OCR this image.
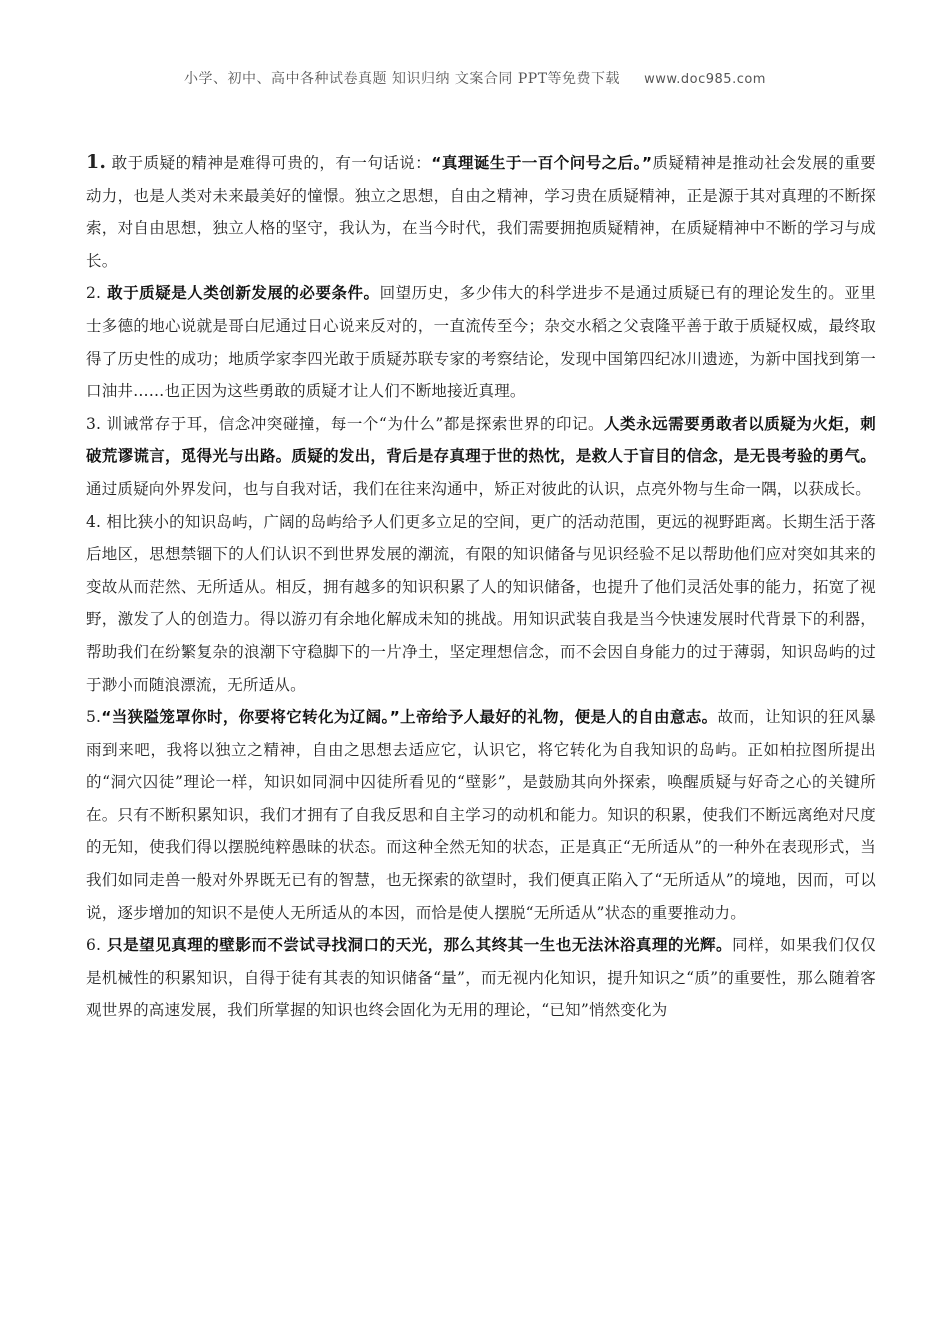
小学、初中、高中各种试卷真题 知识归纳 文案合同 PPT等免费下载 www.doc985.com

1. 敢于质疑的精神是难得可贵的，有一句话说：“真理诞生于一百个问号之后。”质疑精神是推动社会发展的重要动力，也是人类对未来最美好的憧憬。独立之思想，自由之精神，学习贵在质疑精神，正是源于其对真理的不断探索，对自由思想，独立人格的坚守，我认为，在当今时代，我们需要拥抱质疑精神，在质疑精神中不断的学习与成长。

2. 敢于质疑是人类创新发展的必要条件。回望历史，多少伟大的科学进步不是通过质疑已有的理论发生的。亚里士多德的地心说就是哥白尼通过日心说来反对的，一直流传至今；杂交水稻之父袁隆平善于敢于质疑权威，最终取得了历史性的成功；地质学家李四光敢于质疑苏联专家的考察结论，发现中国第四纪冰川遗迹，为新中国找到第一口油井……也正因为这些勇敢的质疑才让人们不断地接近真理。

3. 训诫常存于耳，信念冲突碰撞，每一个“为什么”都是探索世界的印记。人类永远需要勇敢者以质疑为火炬，刺破荒谬谎言，觅得光与出路。质疑的发出，背后是存真理于世的热忱，是救人于盲目的信念，是无畏考验的勇气。通过质疑向外界发问，也与自我对话，我们在往来沟通中，矫正对彼此的认识，点亮外物与生命一隅，以获成长。

4. 相比狭小的知识岛屿，广阔的岛屿给予人们更多立足的空间，更广的活动范围，更远的视野距离。长期生活于落后地区，思想禁锢下的人们认识不到世界发展的潮流，有限的知识储备与见识经验不足以帮助他们应对突如其来的变故从而茫然、无所适从。相反，拥有越多的知识积累了人的知识储备，也提升了他们灵活处事的能力，拓宽了视野，激发了人的创造力。得以游刃有余地化解成未知的挑战。用知识武装自我是当今快速发展时代背景下的利器，帮助我们在纷繁复杂的浪潮下守稳脚下的一片净土，坚定理想信念，而不会因自身能力的过于薄弱，知识岛屿的过于渺小而随浪漂流，无所适从。

5.“当狭隘笼罩你时，你要将它转化为辽阔。”上帝给予人最好的礼物，便是人的自由意志。故而，让知识的狂风暴雨到来吧，我将以独立之精神，自由之思想去适应它，认识它，将它转化为自我知识的岛屿。正如柏拉图所提出的“洞穴囚徒”理论一样，知识如同洞中囚徒所看见的“壁影”，是鼓励其向外探索，唤醒质疑与好奇之心的关键所在。只有不断积累知识，我们才拥有了自我反思和自主学习的动机和能力。知识的积累，使我们不断远离绝对尺度的无知，使我们得以摆脱纯粹愚昧的状态。而这种全然无知的状态，正是真正“无所适从”的一种外在表现形式，当我们如同走兽一般对外界既无已有的智慧，也无探索的欲望时，我们便真正陷入了“无所适从”的境地，因而，可以说，逐步增加的知识不是使人无所适从的本因，而恰是使人摆脱“无所适从”状态的重要推动力。

6. 只是望见真理的壁影而不尝试寻找洞口的天光，那么其终其一生也无法沐浴真理的光辉。同样，如果我们仅仅是机械性的积累知识，自得于徒有其表的知识储备“量”，而无视内化知识，提升知识之“质”的重要性，那么随着客观世界的高速发展，我们所掌握的知识也终会固化为无用的理论，“已知”悄然变化为
